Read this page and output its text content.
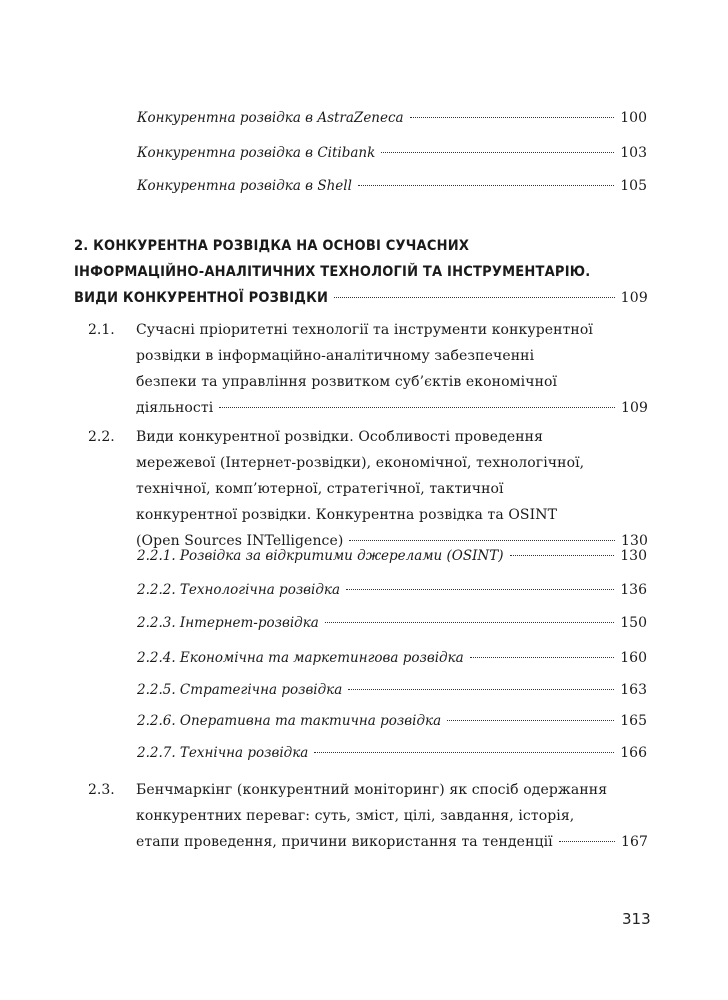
Конкурентна розвідка в AstraZeneca	100
Конкурентна розвідка в Citibank	103
Конкурентна розвідка в Shell	105
2. КОНКУРЕНТНА РОЗВІДКА НА ОСНОВІ СУЧАСНИХ
ІНФОРМАЦІЙНО-АНАЛІТИЧНИХ ТЕХНОЛОГІЙ ТА ІНСТРУМЕНТАРІЮ.
ВИДИ КОНКУРЕНТНОЇ РОЗВІДКИ	109
2.1. Сучасні пріоритетні технології та інструменти конкурентної
розвідки в інформаційно-аналітичному забезпеченні
безпеки та управління розвитком суб’єктів економічної
діяльності	109
2.2. Види конкурентної розвідки. Особливості проведення
мережевої (Інтернет-розвідки), економічної, технологічної,
технічної, комп’ютерної, стратегічної, тактичної
конкурентної розвідки. Конкурентна розвідка та OSINT
(Open Sources INTelligence)	130
2.2.1. Розвідка за відкритими джерелами (OSINT)	130
2.2.2. Технологічна розвідка	136
2.2.3. Інтернет-розвідка	150
2.2.4. Економічна та маркетингова розвідка	160
2.2.5. Стратегічна розвідка	163
2.2.6. Оперативна та тактична розвідка	165
2.2.7. Технічна розвідка	166
2.3. Бенчмаркінг (конкурентний моніторинг) як спосіб одержання
конкурентних переваг: суть, зміст, цілі, завдання, історія,
етапи проведення, причини використання та тенденції	167
313
